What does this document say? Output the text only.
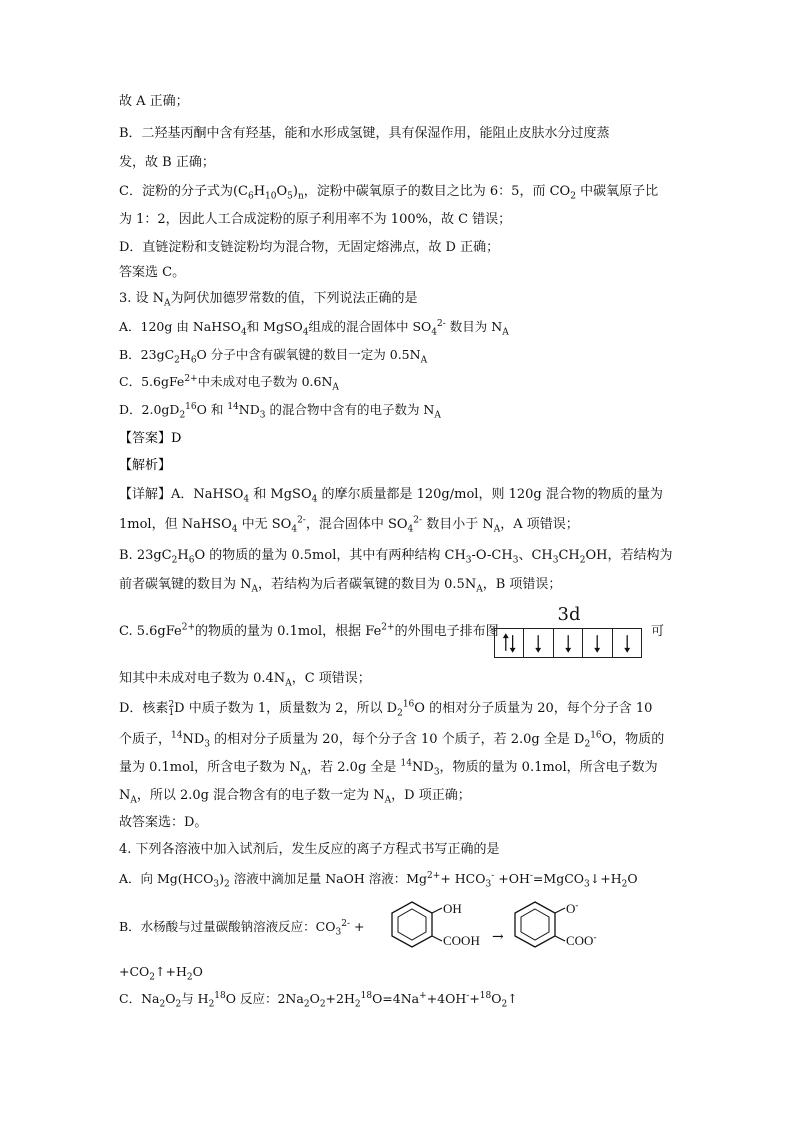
故 A 正确；
B．二羟基丙酮中含有羟基，能和水形成氢键，具有保湿作用，能阻止皮肤水分过度蒸
发，故 B 正确；
C．淀粉的分子式为$(C_6H_{10}O_5)_n$，淀粉中碳氧原子的数目之比为 6：5，而 $CO_2$ 中碳氧原子比
为 1：2，因此人工合成淀粉的原子利用率不为 100%，故 C 错误；
D．直链淀粉和支链淀粉均为混合物，无固定熔沸点，故 D 正确；
答案选 C。
3. 设 $N_A$为阿伏加德罗常数的值，下列说法正确的是
A．120g 由 NaHSO$_4$和 MgSO$_4$组成的混合固体中 $SO_4^{2-}$ 数目为 $N_A$
B．$23gC_2H_6O$ 分子中含有碳氧键的数目一定为 $0.5N_A$
C．5.6gFe$^{2+}$中未成对电子数为 $0.6N_A$
D．$2.0gD_2^{16}O$ 和 $^{14}ND_3$ 的混合物中含有的电子数为 $N_A$
【答案】D
【解析】
【详解】A．NaHSO$_4$ 和 MgSO$_4$ 的摩尔质量都是 120g/mol，则 120g 混合物的物质的量为
1mol，但 NaHSO$_4$ 中无 $SO_4^{2-}$，混合固体中 $SO_4^{2-}$ 数目小于 $N_A$，A 项错误；
B. $23gC_2H_6O$ 的物质的量为 0.5mol，其中有两种结构 $CH_3-O-CH_3$、$CH_3CH_2OH$，若结构为
前者碳氧键的数目为 $N_A$，若结构为后者碳氧键的数目为 $0.5N_A$，B 项错误；
C. 5.6gFe$^{2+}$的物质的量为 0.1mol，根据 $Fe^{2+}$的外围电子排布图	可
3d
知其中未成对电子数为 $0.4N_A$，C 项错误；
D．核素 2
1 D 中质子数为 1，质量数为 2，所以 $D_2^{16}O$ 的相对分子质量为 20，每个分子含 10
个质子，$^{14}ND_3$ 的相对分子质量为 20，每个分子含 10 个质子，若 2.0g 全是 $D_2^{16}O$，物质的
量为 0.1mol，所含电子数为 $N_A$，若 2.0g 全是 $^{14}ND_3$，物质的量为 0.1mol，所含电子数为
$N_A$，所以 2.0g 混合物含有的电子数一定为 $N_A$，D 项正确；
故答案选：D。
4. 下列各溶液中加入试剂后，发生反应的离子方程式书写正确的是
A．向 $Mg(HCO_3)_2$ 溶液中滴加足量 NaOH 溶液：$Mg^{2+}+ HCO_3^-$ $+OH^-=MgCO_3↓+H_2O$
B．水杨酸与过量碳酸钠溶液反应：$CO_3^{2-}$ +
OH
COOH →
O-
COO-
$+CO_2↑+H_2O$
C．$Na_2O_2$与 $H_2^{18}O$ 反应：$2Na_2O_2+2H_2^{18}O=4Na^++4OH^-+^{18}O_2↑$
